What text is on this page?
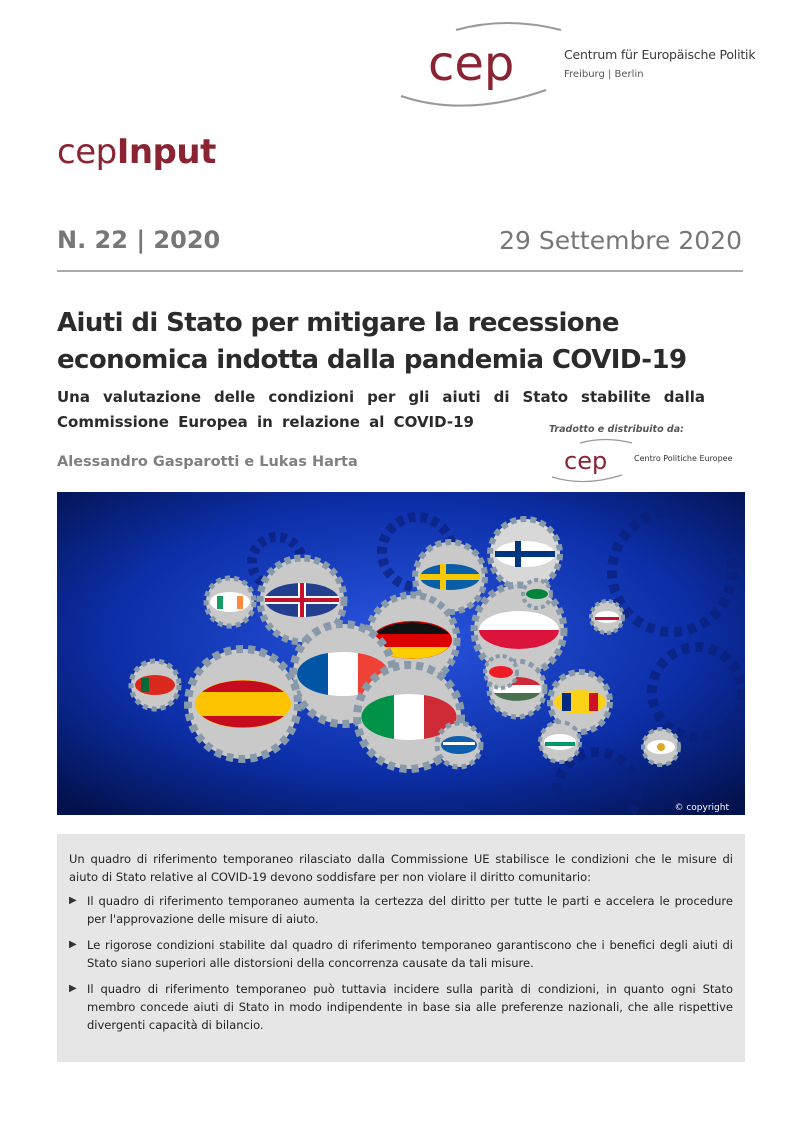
cep	Centrum für Europäische Politik
Freiburg | Berlin
cepInput
N. 22 | 2020	29 Settembre 2020
Aiuti di Stato per mitigare la recessione economica indotta dalla pandemia COVID-19
Una valutazione delle condizioni per gli aiuti di Stato stabilite dalla Commissione Europea in relazione al COVID-19
Alessandro Gasparotti e Lukas Harta
Tradotto e distribuito da:
cep	Centro Politiche Europee
© copyright

Un quadro di riferimento temporaneo rilasciato dalla Commissione UE stabilisce le condizioni che le misure di aiuto di Stato relative al COVID-19 devono soddisfare per non violare il diritto comunitario:

▶ Il quadro di riferimento temporaneo aumenta la certezza del diritto per tutte le parti e accelera le procedure per l'approvazione delle misure di aiuto.
▶ Le rigorose condizioni stabilite dal quadro di riferimento temporaneo garantiscono che i benefici degli aiuti di Stato siano superiori alle distorsioni della concorrenza causate da tali misure.
▶ Il quadro di riferimento temporaneo può tuttavia incidere sulla parità di condizioni, in quanto ogni Stato membro concede aiuti di Stato in modo indipendente in base sia alle preferenze nazionali, che alle rispettive divergenti capacità di bilancio.
